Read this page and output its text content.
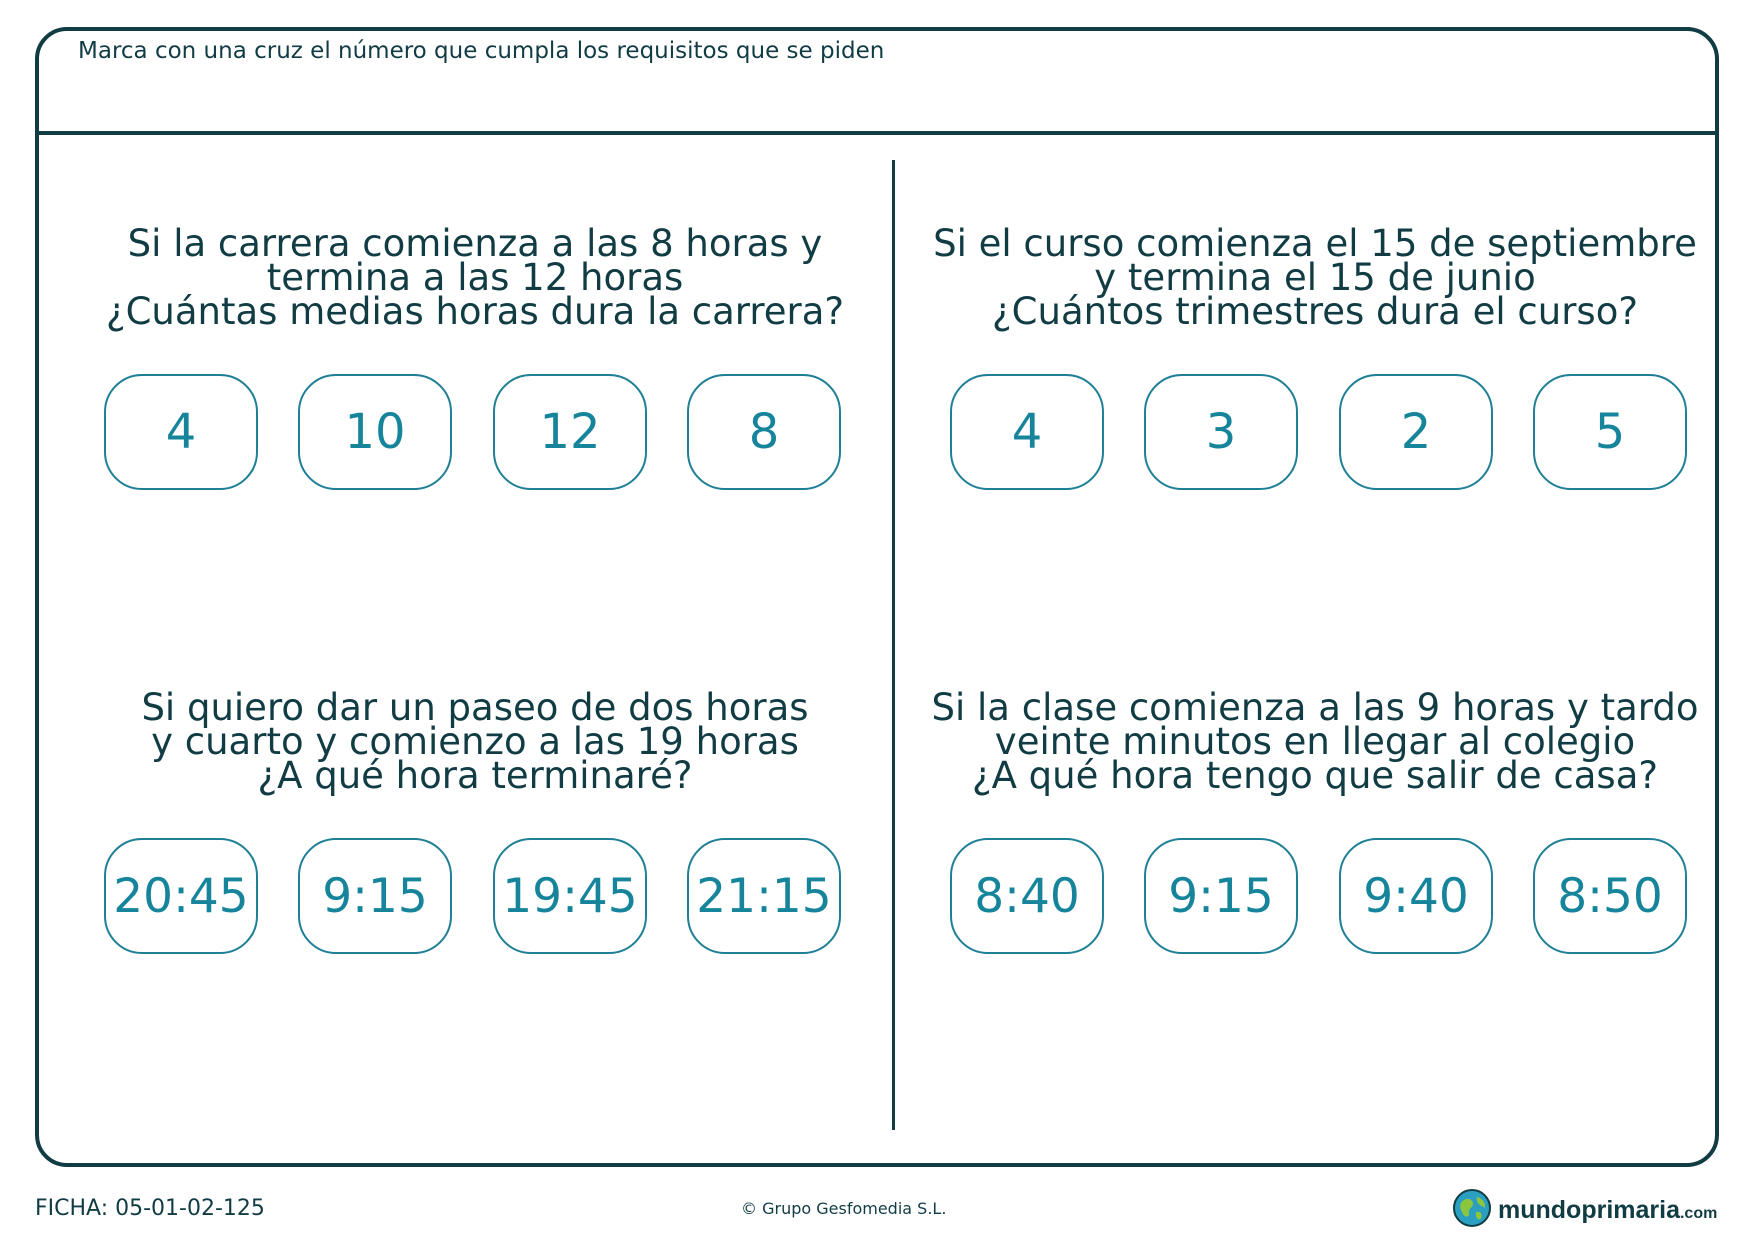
Marca con una cruz el número que cumpla los requisitos que se piden
Si la carrera comienza a las 8 horas y
termina a las 12 horas
¿Cuántas medias horas dura la carrera?
4	10	12	8
Si el curso comienza el 15 de septiembre
y termina el 15 de junio
¿Cuántos trimestres dura el curso?
4	3	2	5
Si quiero dar un paseo de dos horas
y cuarto y comienzo a las 19 horas
¿A qué hora terminaré?
20:45	9:15	19:45 21:15
Si la clase comienza a las 9 horas y tardo
veinte minutos en llegar al colegio
¿A qué hora tengo que salir de casa?
8:40	9:15	9:40	8:50
FICHA: 05-01-02-125	© Grupo Gesfomedia S.L.	mundoprimaria.com
